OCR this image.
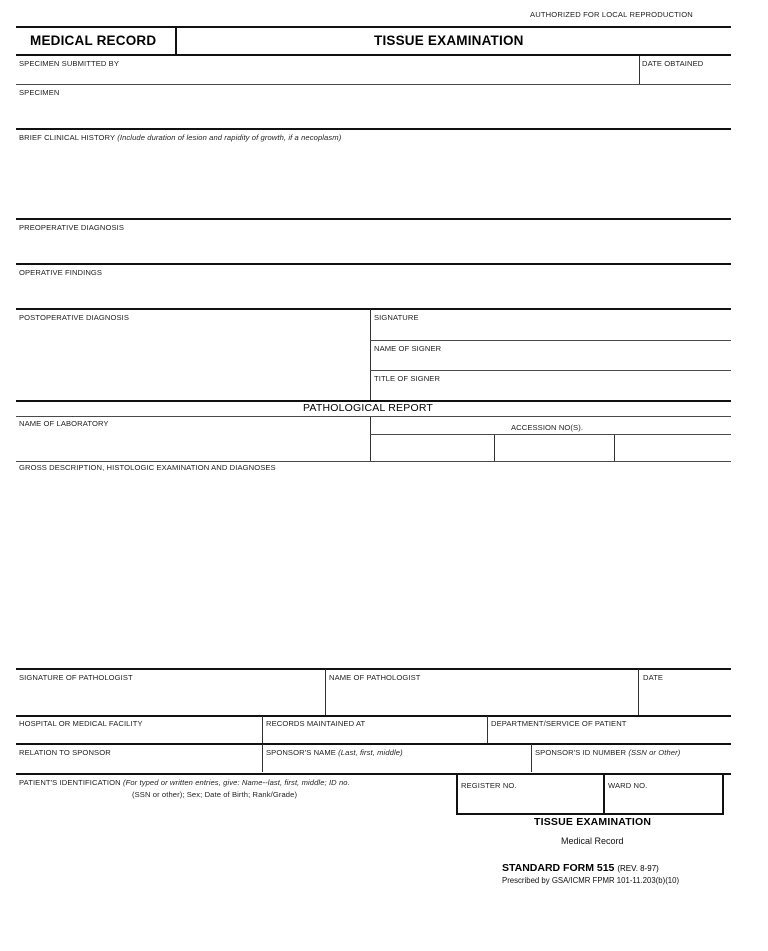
AUTHORIZED FOR LOCAL REPRODUCTION
MEDICAL RECORD	TISSUE EXAMINATION
SPECIMEN SUBMITTED BY	DATE OBTAINED
SPECIMEN
BRIEF CLINICAL HISTORY (Include duration of lesion and rapidity of growth, if a necoplasm)
PREOPERATIVE DIAGNOSIS
OPERATIVE FINDINGS
POSTOPERATIVE DIAGNOSIS	SIGNATURE
NAME OF SIGNER
TITLE OF SIGNER
PATHOLOGICAL REPORT
NAME OF LABORATORY	ACCESSION NO(S).
GROSS DESCRIPTION, HISTOLOGIC EXAMINATION AND DIAGNOSES
SIGNATURE OF PATHOLOGIST	NAME OF PATHOLOGIST	DATE
HOSPITAL OR MEDICAL FACILITY	RECORDS MAINTAINED AT	DEPARTMENT/SERVICE OF PATIENT
RELATION TO SPONSOR	SPONSOR'S NAME (Last, first, middle)	SPONSOR'S ID NUMBER (SSN or Other)
PATIENT'S IDENTIFICATION (For typed or written entries, give: Name--last, first, middle; ID no.
(SSN or other); Sex; Date of Birth; Rank/Grade)
REGISTER NO.	WARD NO.
TISSUE EXAMINATION
Medical Record
STANDARD FORM 515 (REV. 8-97)
Prescribed by GSA/ICMR FPMR 101-11.203(b)(10)
